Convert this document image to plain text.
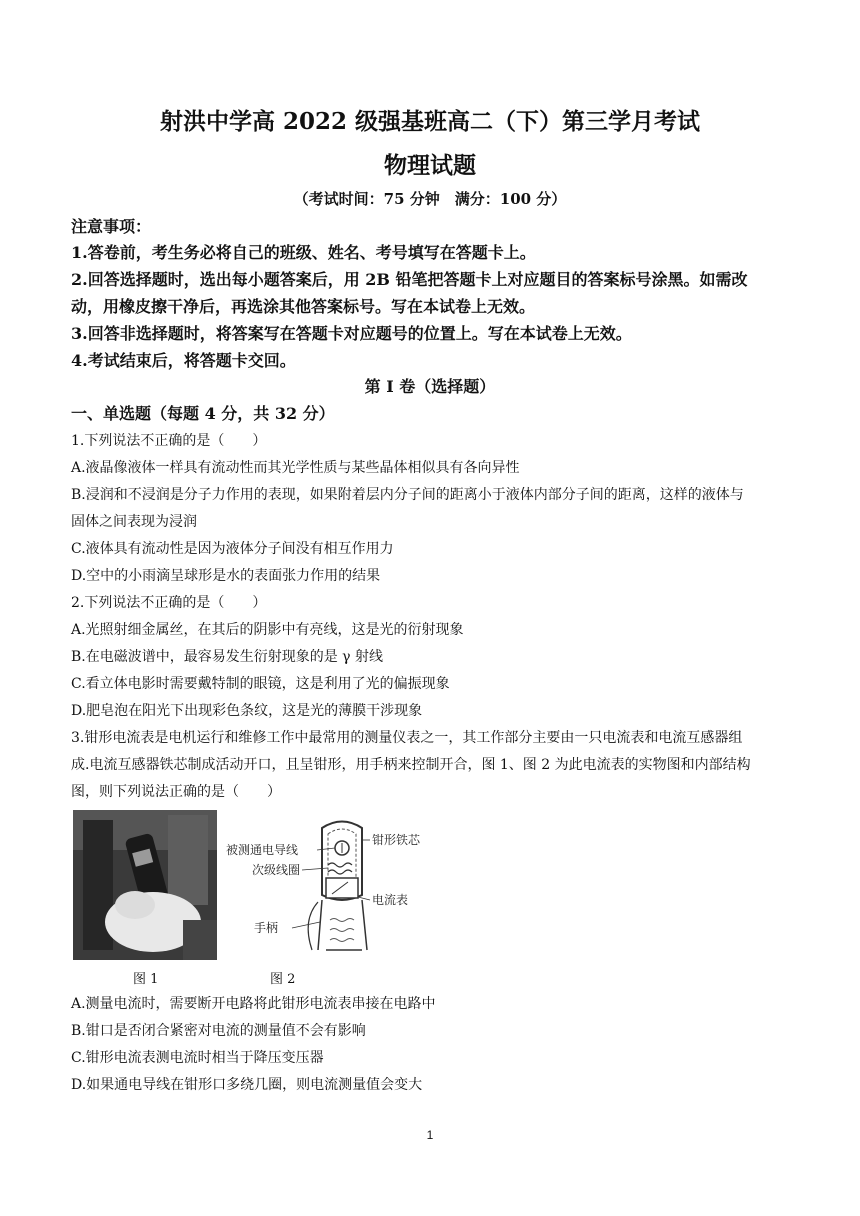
射洪中学高 2022 级强基班高二（下）第三学月考试
物理试题
（考试时间：75 分钟　满分：100 分）
注意事项：
1.答卷前，考生务必将自己的班级、姓名、考号填写在答题卡上。
2.回答选择题时，选出每小题答案后，用 2B 铅笔把答题卡上对应题目的答案标号涂黑。如需改
动，用橡皮擦干净后，再选涂其他答案标号。写在本试卷上无效。
3.回答非选择题时，将答案写在答题卡对应题号的位置上。写在本试卷上无效。
4.考试结束后，将答题卡交回。
第 I 卷（选择题）
一、单选题（每题 4 分，共 32 分）
1.下列说法不正确的是（　　）
A.液晶像液体一样具有流动性而其光学性质与某些晶体相似具有各向异性
B.浸润和不浸润是分子力作用的表现，如果附着层内分子间的距离小于液体内部分子间的距离，这样的液体与
固体之间表现为浸润
C.液体具有流动性是因为液体分子间没有相互作用力
D.空中的小雨滴呈球形是水的表面张力作用的结果
2.下列说法不正确的是（　　）
A.光照射细金属丝，在其后的阴影中有亮线，这是光的衍射现象
B.在电磁波谱中，最容易发生衍射现象的是 γ 射线
C.看立体电影时需要戴特制的眼镜，这是利用了光的偏振现象
D.肥皂泡在阳光下出现彩色条纹，这是光的薄膜干涉现象
3.钳形电流表是电机运行和维修工作中最常用的测量仪表之一，其工作部分主要由一只电流表和电流互感器组
成.电流互感器铁芯制成活动开口，且呈钳形，用手柄来控制开合，图 1、图 2 为此电流表的实物图和内部结构
图，则下列说法正确的是（　　）
被测通电导线
次级线圈
手柄
钳形铁芯
电流表
图 1	图 2
A.测量电流时，需要断开电路将此钳形电流表串接在电路中
B.钳口是否闭合紧密对电流的测量值不会有影响
C.钳形电流表测电流时相当于降压变压器
D.如果通电导线在钳形口多绕几圈，则电流测量值会变大
1
